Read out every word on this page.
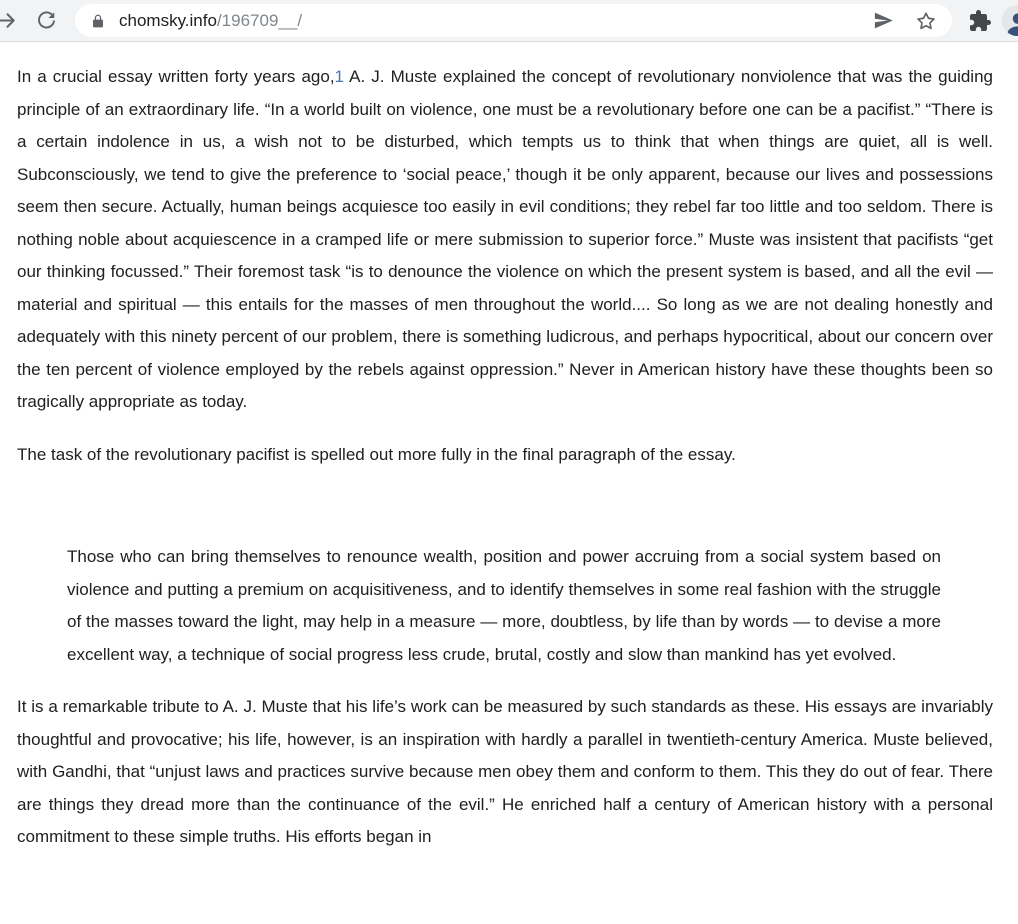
chomsky.info/196709__/

In a crucial essay written forty years ago,1 A. J. Muste explained the concept of revolutionary nonviolence that was the guiding principle of an extraordinary life. “In a world built on violence, one must be a revolutionary before one can be a pacifist.” “There is a certain indolence in us, a wish not to be disturbed, which tempts us to think that when things are quiet, all is well. Subconsciously, we tend to give the preference to ‘social peace,’ though it be only apparent, because our lives and possessions seem then secure. Actually, human beings acquiesce too easily in evil conditions; they rebel far too little and too seldom. There is nothing noble about acquiescence in a cramped life or mere submission to superior force.” Muste was insistent that pacifists “get our thinking focussed.” Their foremost task “is to denounce the violence on which the present system is based, and all the evil — material and spiritual — this entails for the masses of men throughout the world.... So long as we are not dealing honestly and adequately with this ninety percent of our problem, there is something ludicrous, and perhaps hypocritical, about our concern over the ten percent of violence employed by the rebels against oppression.” Never in American history have these thoughts been so tragically appropriate as today.

The task of the revolutionary pacifist is spelled out more fully in the final paragraph of the essay.

Those who can bring themselves to renounce wealth, position and power accruing from a social system based on violence and putting a premium on acquisitiveness, and to identify themselves in some real fashion with the struggle of the masses toward the light, may help in a measure — more, doubtless, by life than by words — to devise a more excellent way, a technique of social progress less crude, brutal, costly and slow than mankind has yet evolved.

It is a remarkable tribute to A. J. Muste that his life’s work can be measured by such standards as these. His essays are invariably thoughtful and provocative; his life, however, is an inspiration with hardly a parallel in twentieth-century America. Muste believed, with Gandhi, that “unjust laws and practices survive because men obey them and conform to them. This they do out of fear. There are things they dread more than the continuance of the evil.” He enriched half a century of American history with a personal commitment to these simple truths. His efforts began in
